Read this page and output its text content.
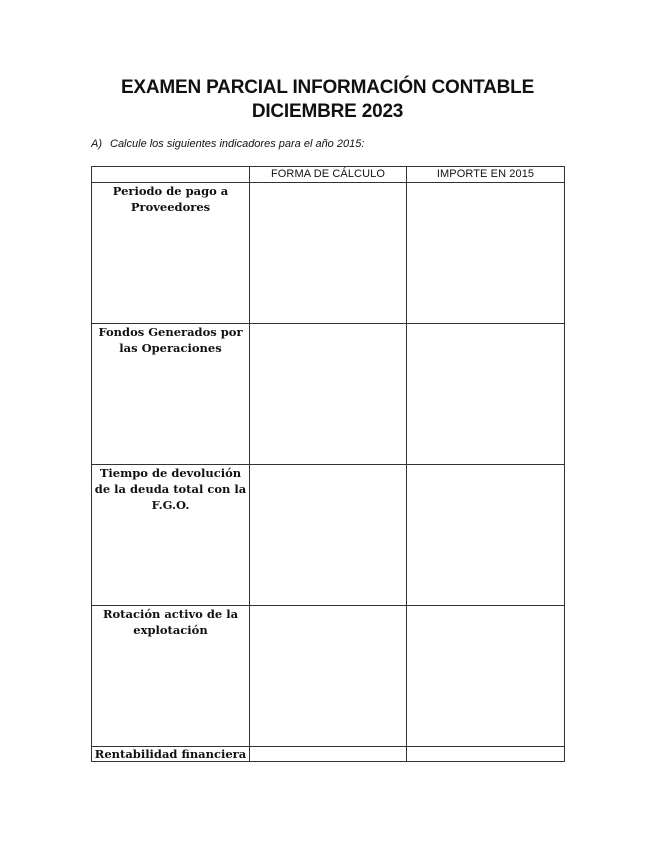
EXAMEN PARCIAL INFORMACIÓN CONTABLE
DICIEMBRE 2023
A) Calcule los siguientes indicadores para el año 2015:
	FORMA DE CÁLCULO	IMPORTE EN 2015
Periodo de pago a Proveedores		
Fondos Generados por las Operaciones		
Tiempo de devolución de la deuda total con la F.G.O.		
Rotación activo de la explotación		
Rentabilidad financiera		
